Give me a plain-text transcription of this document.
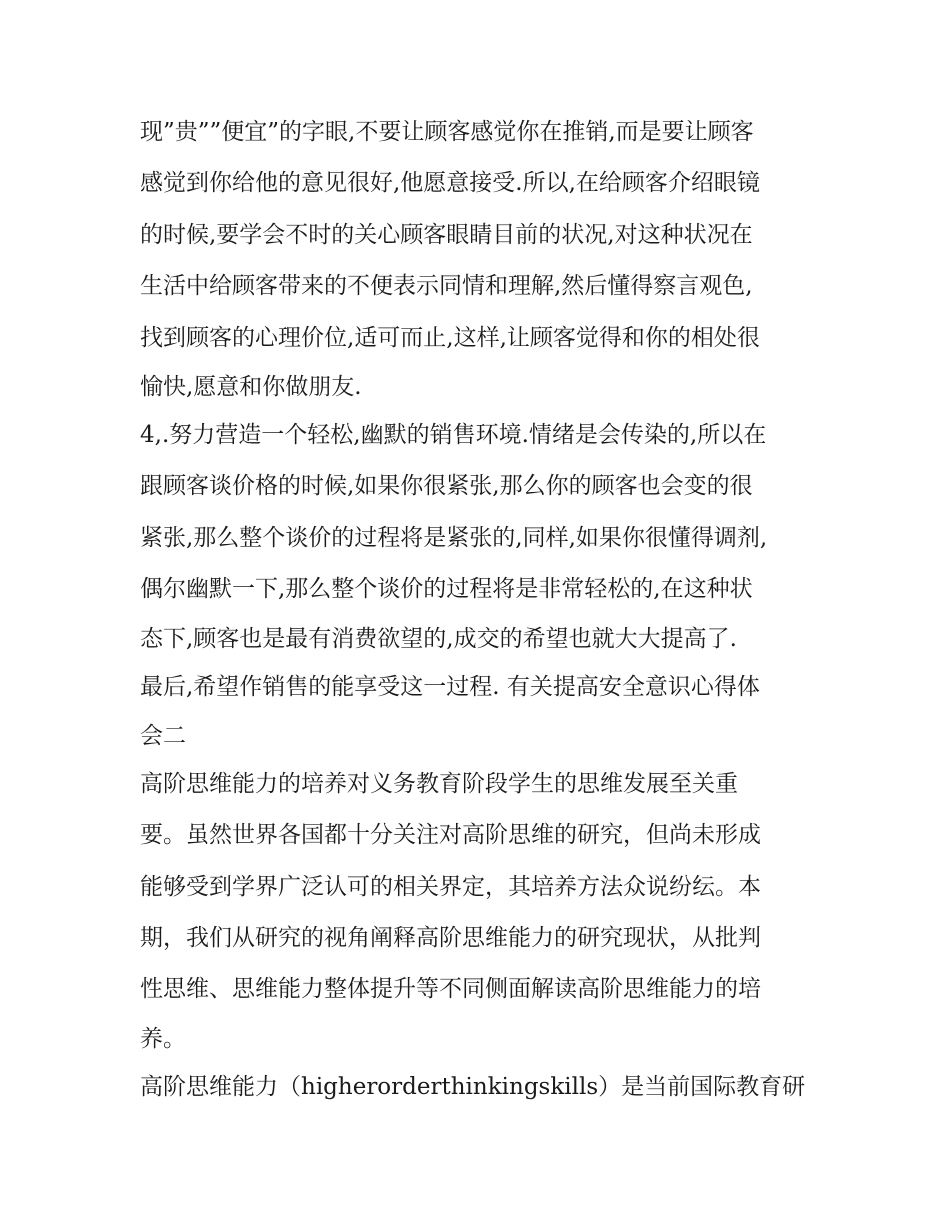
现”贵””便宜”的字眼,不要让顾客感觉你在推销,而是要让顾客
感觉到你给他的意见很好,他愿意接受.所以,在给顾客介绍眼镜
的时候,要学会不时的关心顾客眼睛目前的状况,对这种状况在
生活中给顾客带来的不便表示同情和理解,然后懂得察言观色,
找到顾客的心理价位,适可而止,这样,让顾客觉得和你的相处很
愉快,愿意和你做朋友.
4,.努力营造一个轻松,幽默的销售环境.情绪是会传染的,所以在
跟顾客谈价格的时候,如果你很紧张,那么你的顾客也会变的很
紧张,那么整个谈价的过程将是紧张的,同样,如果你很懂得调剂,
偶尔幽默一下,那么整个谈价的过程将是非常轻松的,在这种状
态下,顾客也是最有消费欲望的,成交的希望也就大大提高了.
最后,希望作销售的能享受这一过程. 有关提高安全意识心得体
会二
高阶思维能力的培养对义务教育阶段学生的思维发展至关重
要。虽然世界各国都十分关注对高阶思维的研究，但尚未形成
能够受到学界广泛认可的相关界定，其培养方法众说纷纭。本
期，我们从研究的视角阐释高阶思维能力的研究现状，从批判
性思维、思维能力整体提升等不同侧面解读高阶思维能力的培
养。
高阶思维能力（higherorderthinkingskills）是当前国际教育研
